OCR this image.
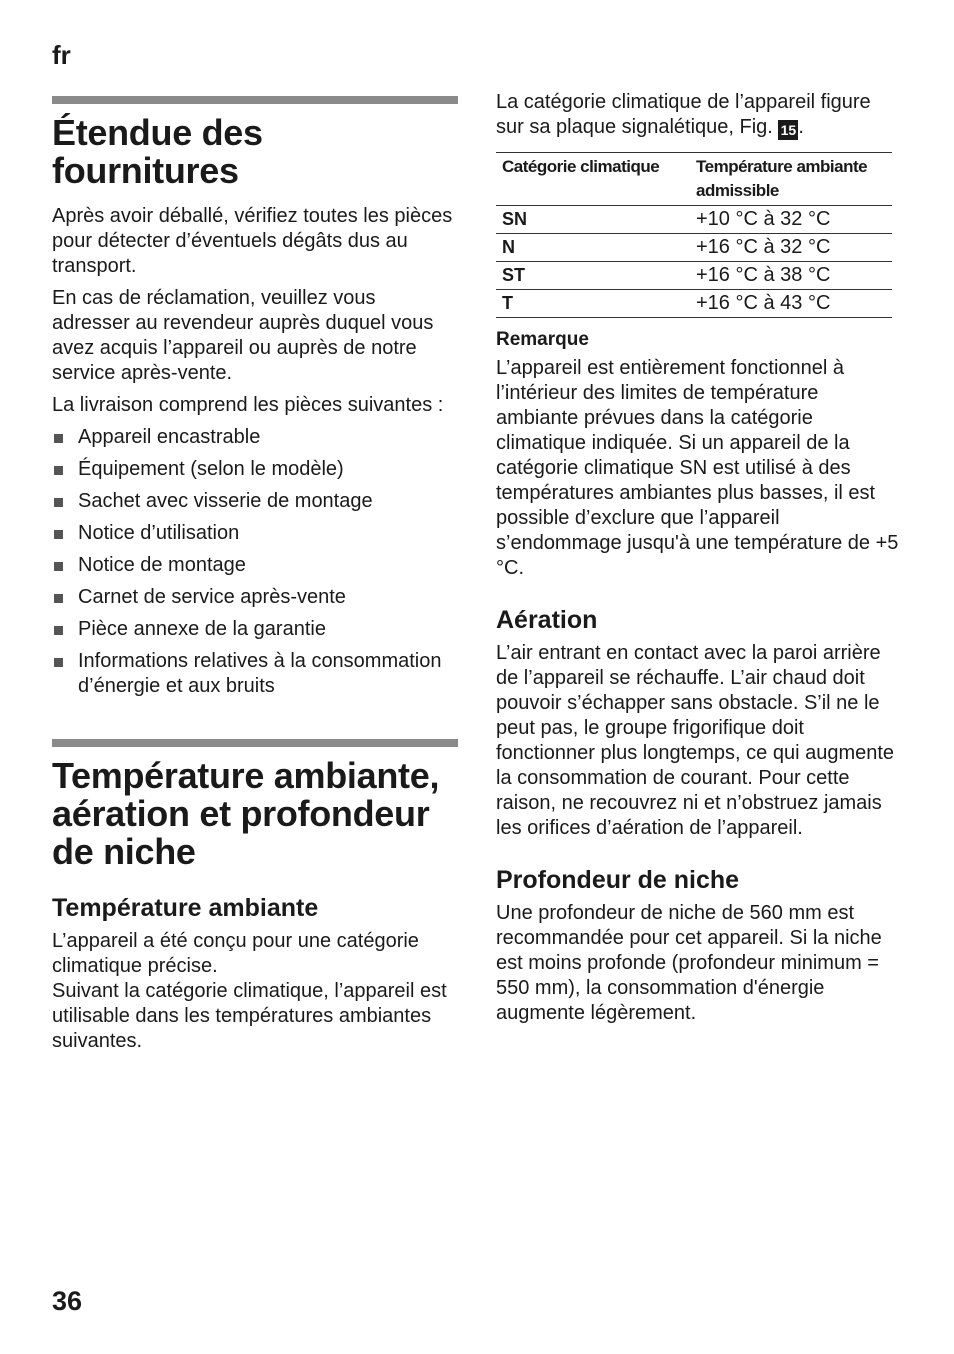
fr
Étendue des
fournitures

Après avoir déballé, vérifiez toutes les pièces pour détecter d’éventuels dégâts dus au transport.

En cas de réclamation, veuillez vous adresser au revendeur auprès duquel vous avez acquis l’appareil ou auprès de notre service après-vente.

La livraison comprend les pièces suivantes :

Appareil encastrable
Équipement (selon le modèle)
Sachet avec visserie de montage
Notice d’utilisation
Notice de montage
Carnet de service après-vente
Pièce annexe de la garantie
Informations relatives à la consommation d’énergie et aux bruits
Température ambiante,
aération et profondeur
de niche
Température ambiante

L’appareil a été conçu pour une catégorie climatique précise.

Suivant la catégorie climatique, l’appareil est utilisable dans les températures ambiantes suivantes.

La catégorie climatique de l’appareil figure sur sa plaque signalétique, Fig. 15 .

Catégorie climatique	Température ambiante admissible
SN	+10 °C à 32 °C
N	+16 °C à 32 °C
ST	+16 °C à 38 °C
T	+16 °C à 43 °C
Remarque

L’appareil est entièrement fonctionnel à l’intérieur des limites de température ambiante prévues dans la catégorie climatique indiquée. Si un appareil de la catégorie climatique SN est utilisé à des températures ambiantes plus basses, il est possible d’exclure que l’appareil s’endommage jusqu'à une température de +5 °C.

Aération

L’air entrant en contact avec la paroi arrière de l’appareil se réchauffe. L’air chaud doit pouvoir s’échapper sans obstacle. S’il ne le peut pas, le groupe frigorifique doit fonctionner plus longtemps, ce qui augmente la consommation de courant. Pour cette raison, ne recouvrez ni et n’obstruez jamais les orifices d’aération de l’appareil.

Profondeur de niche

Une profondeur de niche de 560 mm est recommandée pour cet appareil. Si la niche est moins profonde (profondeur minimum = 550 mm), la consommation d'énergie augmente légèrement.

36
